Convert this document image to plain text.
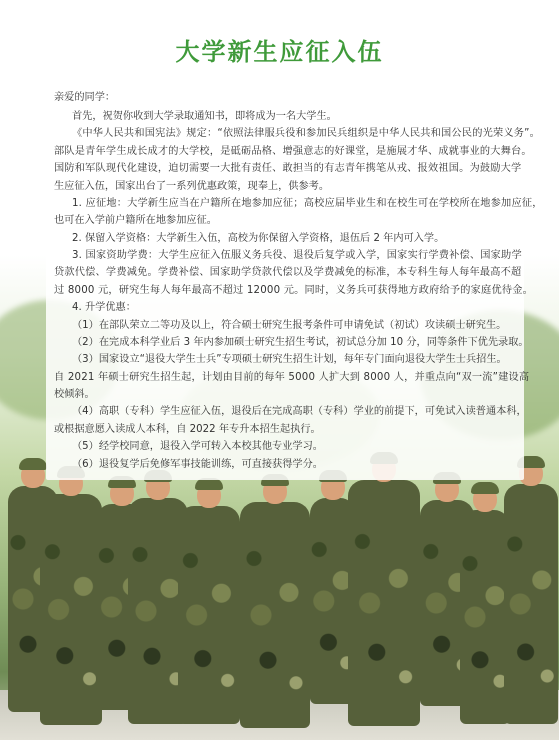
大学新生应征入伍
亲爱的同学：
首先，祝贺你收到大学录取通知书，即将成为一名大学生。
《中华人民共和国宪法》规定：“依照法律服兵役和参加民兵组织是中华人民共和国公民的光荣义务”。
部队是青年学生成长成才的大学校，是砥砺品格、增强意志的好课堂，是施展才华、成就事业的大舞台。
国防和军队现代化建设，迫切需要一大批有责任、敢担当的有志青年携笔从戎、报效祖国。为鼓励大学
生应征入伍，国家出台了一系列优惠政策，现奉上，供参考。
1. 应征地：大学新生应当在户籍所在地参加应征；高校应届毕业生和在校生可在学校所在地参加应征，
也可在入学前户籍所在地参加应征。
2. 保留入学资格：大学新生入伍，高校为你保留入学资格，退伍后 2 年内可入学。
3. 国家资助学费：大学生应征入伍服义务兵役、退役后复学或入学，国家实行学费补偿、国家助学
贷款代偿、学费减免。学费补偿、国家助学贷款代偿以及学费减免的标准，本专科生每人每年最高不超
过 8000 元，研究生每人每年最高不超过 12000 元。同时，义务兵可获得地方政府给予的家庭优待金。
4. 升学优惠：
（1）在部队荣立二等功及以上，符合硕士研究生报考条件可申请免试（初试）攻读硕士研究生。
（2）在完成本科学业后 3 年内参加硕士研究生招生考试，初试总分加 10 分，同等条件下优先录取。
（3）国家设立“退役大学生士兵”专项硕士研究生招生计划，每年专门面向退役大学生士兵招生。
自 2021 年硕士研究生招生起，计划由目前的每年 5000 人扩大到 8000 人，并重点向“双一流”建设高
校倾斜。
（4）高职（专科）学生应征入伍，退役后在完成高职（专科）学业的前提下，可免试入读普通本科，
或根据意愿入读成人本科，自 2022 年专升本招生起执行。
（5）经学校同意，退役入学可转入本校其他专业学习。
（6）退役复学后免修军事技能训练，可直接获得学分。
